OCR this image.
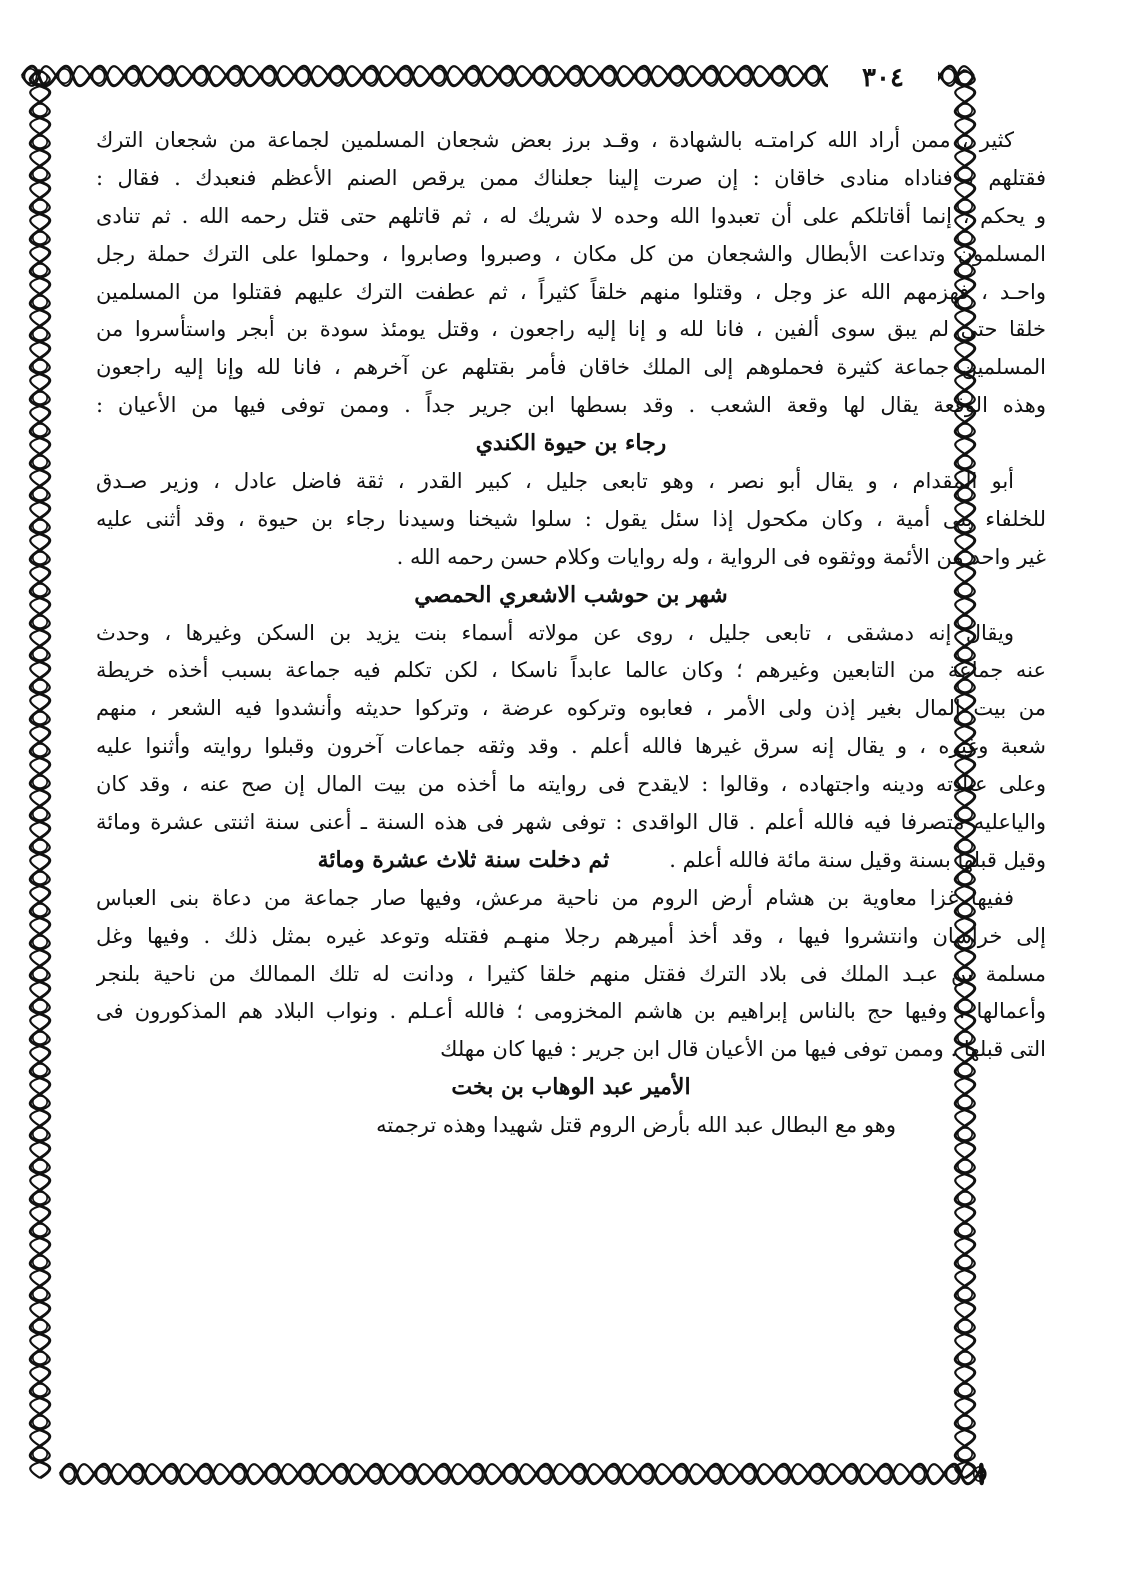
٣٠٤
كثير ، ممن أراد الله كرامتـه بالشهادة ، وقـد برز بعض شجعان المسلمين لجماعة من شجعان الترك
فقتلهم ، فناداه منادى خاقان : إن صرت إلينا جعلناك ممن يرقص الصنم الأعظم فنعبدك . فقال :
و يحكم ، إنما أقاتلكم على أن تعبدوا الله وحده لا شريك له ، ثم قاتلهم حتى قتل رحمه الله . ثم تنادى
المسلمون وتداعت الأبطال والشجعان من كل مكان ، وصبروا وصابروا ، وحملوا على الترك حملة رجل
واحـد ، فهزمهم الله عز وجل ، وقتلوا منهم خلقاً كثيراً ، ثم عطفت الترك عليهم فقتلوا من المسلمين
خلقا حتى لم يبق سوى ألفين ، فانا لله و إنا إليه راجعون ، وقتل يومئذ سودة بن أبجر واستأسروا من
المسلمين جماعة كثيرة فحملوهم إلى الملك خاقان فأمر بقتلهم عن آخرهم ، فانا لله وإنا إليه راجعون
وهذه الوقعة يقال لها وقعة الشعب . وقد بسطها ابن جرير جداً . وممن توفى فيها من الأعيان :
رجاء بن حيوة الكندي
أبو المقدام ، و يقال أبو نصر ، وهو تابعى جليل ، كبير القدر ، ثقة فاضل عادل ، وزير صـدق
للخلفاء بنى أمية ، وكان مكحول إذا سئل يقول : سلوا شيخنا وسيدنا رجاء بن حيوة ، وقد أثنى عليه
غير واحد من الأئمة ووثقوه فى الرواية ، وله روايات وكلام حسن رحمه الله .
شهر بن حوشب الاشعري الحمصي
ويقال إنه دمشقى ، تابعى جليل ، روى عن مولاته أسماء بنت يزيد بن السكن وغيرها ، وحدث
عنه جماعة من التابعين وغيرهم ؛ وكان عالما عابداً ناسكا ، لكن تكلم فيه جماعة بسبب أخذه خريطة
من بيت المال بغير إذن ولى الأمر ، فعابوه وتركوه عرضة ، وتركوا حديثه وأنشدوا فيه الشعر ، منهم
شعبة وغيره ، و يقال إنه سرق غيرها فالله أعلم . وقد وثقه جماعات آخرون وقبلوا روايته وأثنوا عليه
وعلى عبادته ودينه واجتهاده ، وقالوا : لايقدح فى روايته ما أخذه من بيت المال إن صح عنه ، وقد كان
والياعليه متصرفا فيه فالله أعلم . قال الواقدى : توفى شهر فى هذه السنة ـ أعنى سنة اثنتى عشرة ومائة
وقيل قبلها بسنة وقيل سنة مائة فالله أعلم .
ثم دخلت سنة ثلاث عشرة ومائة
ففيها غزا معاوية بن هشام أرض الروم من ناحية مرعش، وفيها صار جماعة من دعاة بنى العباس
إلى خراسان وانتشروا فيها ، وقد أخذ أميرهم رجلا منهـم فقتله وتوعد غيره بمثل ذلك . وفيها وغل
مسلمة بن عبـد الملك فى بلاد الترك فقتل منهم خلقا كثيرا ، ودانت له تلك الممالك من ناحية بلنجر
وأعمالها . وفيها حج بالناس إبراهيم بن هاشم المخزومى ؛ فالله أعـلم . ونواب البلاد هم المذكورون فى
التى قبلها . وممن توفى فيها من الأعيان قال ابن جرير : فيها كان مهلك
الأمير عبد الوهاب بن بخت
وهو مع البطال عبد الله بأرض الروم قتل شهيدا وهذه ترجمته
